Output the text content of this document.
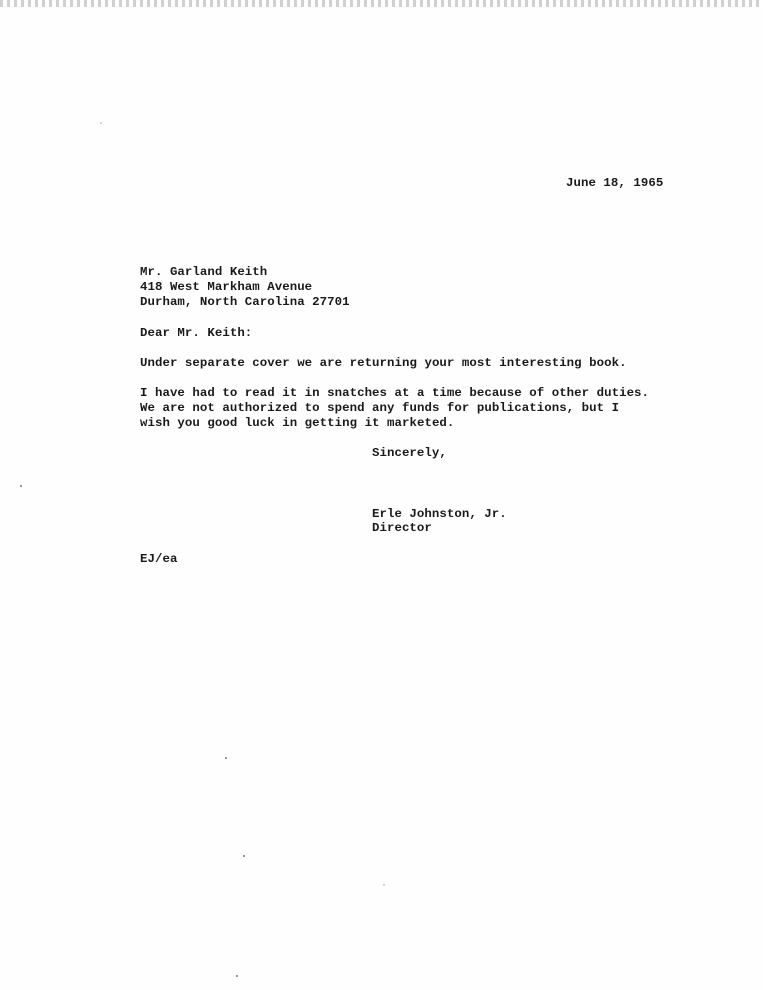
June 18, 1965
Mr. Garland Keith
418 West Markham Avenue
Durham, North Carolina 27701
Dear Mr. Keith:
Under separate cover we are returning your most interesting book.
I have had to read it in snatches at a time because of other duties.
We are not authorized to spend any funds for publications, but I
wish you good luck in getting it marketed.
Sincerely,
Erle Johnston, Jr.
Director
EJ/ea
